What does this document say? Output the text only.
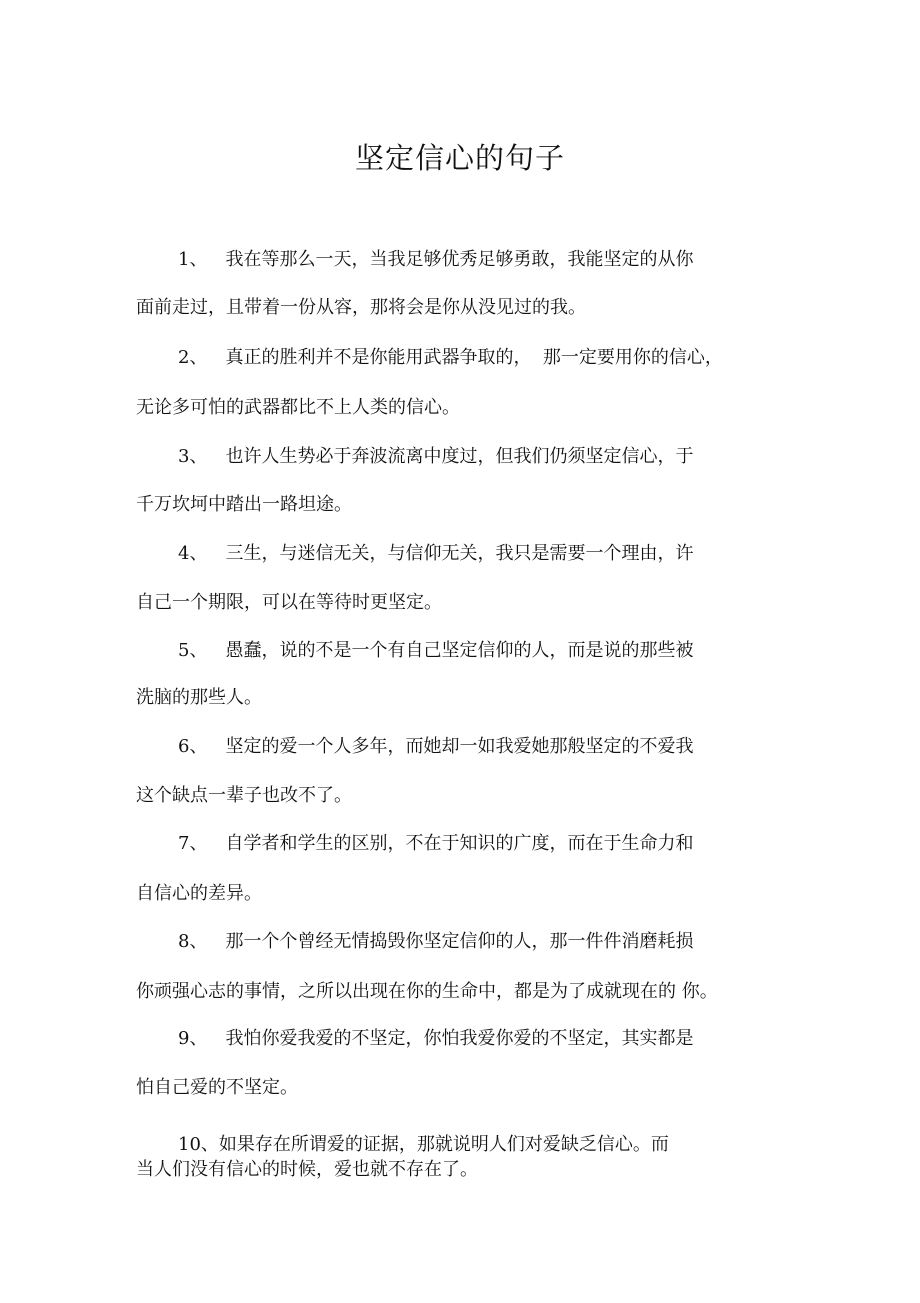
坚定信心的句子
1、 我在等那么一天，当我足够优秀足够勇敢，我能坚定的从你
面前走过，且带着一份从容，那将会是你从没见过的我。
2、 真正的胜利并不是你能用武器争取的，  那一定要用你的信心，
无论多可怕的武器都比不上人类的信心。
3、 也许人生势必于奔波流离中度过，但我们仍须坚定信心，于
千万坎坷中踏出一路坦途。
4、 三生，与迷信无关，与信仰无关，我只是需要一个理由，许
自己一个期限，可以在等待时更坚定。
5、 愚蠢，说的不是一个有自己坚定信仰的人，而是说的那些被
洗脑的那些人。
6、 坚定的爱一个人多年，而她却一如我爱她那般坚定的不爱我
这个缺点一辈子也改不了。
7、 自学者和学生的区别，不在于知识的广度，而在于生命力和
自信心的差异。
8、 那一个个曾经无情捣毁你坚定信仰的人，那一件件消磨耗损
你顽强心志的事情，之所以出现在你的生命中，都是为了成就现在的 你。
9、 我怕你爱我爱的不坚定，你怕我爱你爱的不坚定，其实都是
怕自己爱的不坚定。
10、如果存在所谓爱的证据，那就说明人们对爱缺乏信心。而
当人们没有信心的时候，爱也就不存在了。
